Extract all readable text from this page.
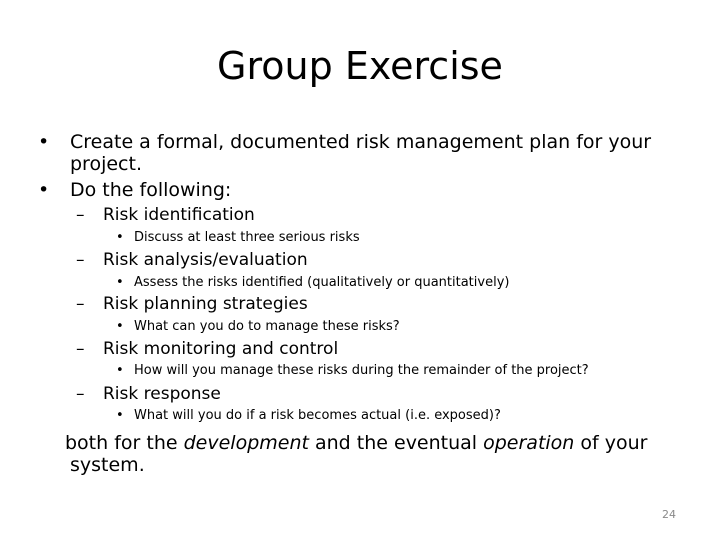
Group Exercise
• Create a formal, documented risk management plan for your
project.
• Do the following:
– Risk identification
• Discuss at least three serious risks
– Risk analysis/evaluation
• Assess the risks identified (qualitatively or quantitatively)
– Risk planning strategies
• What can you do to manage these risks?
– Risk monitoring and control
• How will you manage these risks during the remainder of the project?
– Risk response
• What will you do if a risk becomes actual (i.e. exposed)?
both for the development and the eventual operation of your
system.
24
